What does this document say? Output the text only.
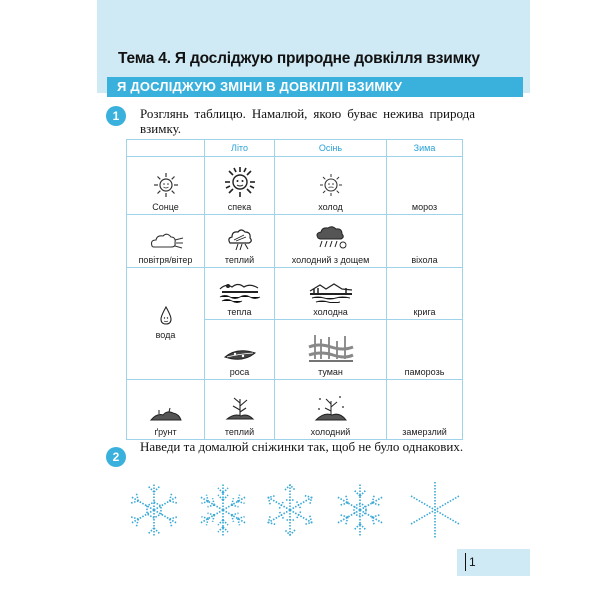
Тема 4. Я досліджую природне довкілля взимку
Я ДОСЛІДЖУЮ ЗМІНИ В ДОВКІЛЛІ ВЗИМКУ
1	Розглянь таблицю. Намалюй, якою буває нежива природа взимку.
	Літо	Осінь	Зима

Сонце	спека	холод	мороз

повітря/вітер	теплий	холодний з дощем	віхола

вода	тепла	холодна	крига

	роса	туман	паморозь

ґрунт	теплий	холодний	замерзлий
2
Наведи та домалюй сніжинки так, щоб не було однакових.
1
